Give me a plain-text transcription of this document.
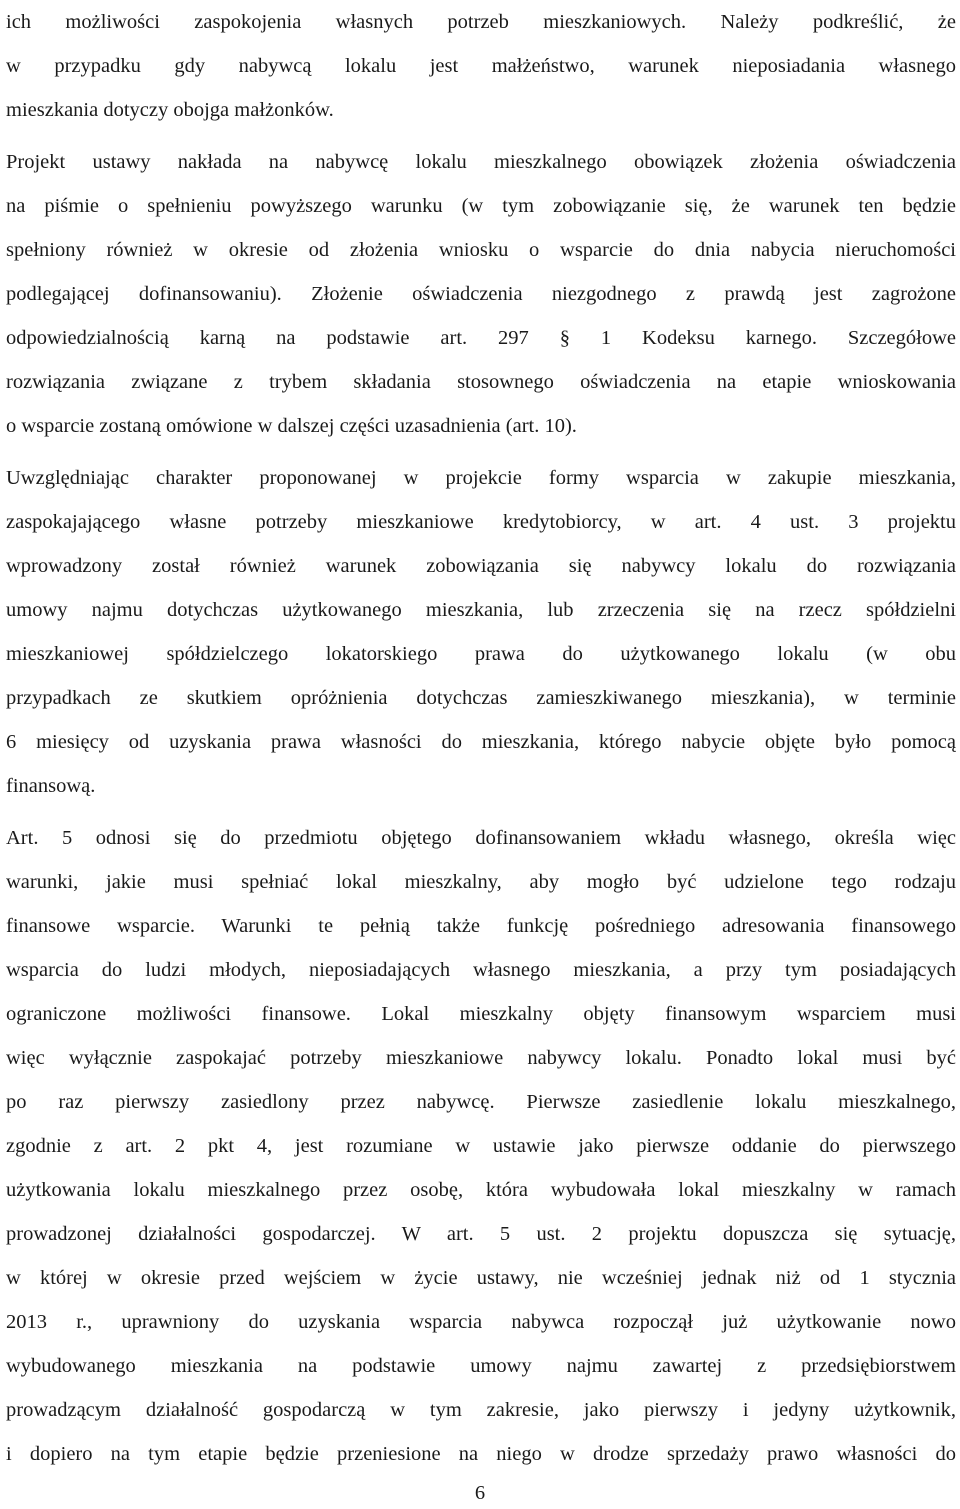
ich możliwości zaspokojenia własnych potrzeb mieszkaniowych. Należy podkreślić, że
w przypadku gdy nabywcą lokalu jest małżeństwo, warunek nieposiadania własnego
mieszkania dotyczy obojga małżonków.
Projekt ustawy nakłada na nabywcę lokalu mieszkalnego obowiązek złożenia oświadczenia
na piśmie o spełnieniu powyższego warunku (w tym zobowiązanie się, że warunek ten będzie
spełniony również w okresie od złożenia wniosku o wsparcie do dnia nabycia nieruchomości
podlegającej dofinansowaniu). Złożenie oświadczenia niezgodnego z prawdą jest zagrożone
odpowiedzialnością karną na podstawie art. 297 § 1 Kodeksu karnego. Szczegółowe
rozwiązania związane z trybem składania stosownego oświadczenia na etapie wnioskowania
o wsparcie zostaną omówione w dalszej części uzasadnienia (art. 10).
Uwzględniając charakter proponowanej w projekcie formy wsparcia w zakupie mieszkania,
zaspokajającego własne potrzeby mieszkaniowe kredytobiorcy, w art. 4 ust. 3 projektu
wprowadzony został również warunek zobowiązania się nabywcy lokalu do rozwiązania
umowy najmu dotychczas użytkowanego mieszkania, lub zrzeczenia się na rzecz spółdzielni
mieszkaniowej spółdzielczego lokatorskiego prawa do użytkowanego lokalu (w obu
przypadkach ze skutkiem opróżnienia dotychczas zamieszkiwanego mieszkania), w terminie
6 miesięcy od uzyskania prawa własności do mieszkania, którego nabycie objęte było pomocą
finansową.
Art. 5 odnosi się do przedmiotu objętego dofinansowaniem wkładu własnego, określa więc
warunki, jakie musi spełniać lokal mieszkalny, aby mogło być udzielone tego rodzaju
finansowe wsparcie. Warunki te pełnią także funkcję pośredniego adresowania finansowego
wsparcia do ludzi młodych, nieposiadających własnego mieszkania, a przy tym posiadających
ograniczone możliwości finansowe. Lokal mieszkalny objęty finansowym wsparciem musi
więc wyłącznie zaspokajać potrzeby mieszkaniowe nabywcy lokalu. Ponadto lokal musi być
po raz pierwszy zasiedlony przez nabywcę. Pierwsze zasiedlenie lokalu mieszkalnego,
zgodnie z art. 2 pkt 4, jest rozumiane w ustawie jako pierwsze oddanie do pierwszego
użytkowania lokalu mieszkalnego przez osobę, która wybudowała lokal mieszkalny w ramach
prowadzonej działalności gospodarczej. W art. 5 ust. 2 projektu dopuszcza się sytuację,
w której w okresie przed wejściem w życie ustawy, nie wcześniej jednak niż od 1 stycznia
2013 r., uprawniony do uzyskania wsparcia nabywca rozpoczął już użytkowanie nowo
wybudowanego mieszkania na podstawie umowy najmu zawartej z przedsiębiorstwem
prowadzącym działalność gospodarczą w tym zakresie, jako pierwszy i jedyny użytkownik,
i dopiero na tym etapie będzie przeniesione na niego w drodze sprzedaży prawo własności do
6
